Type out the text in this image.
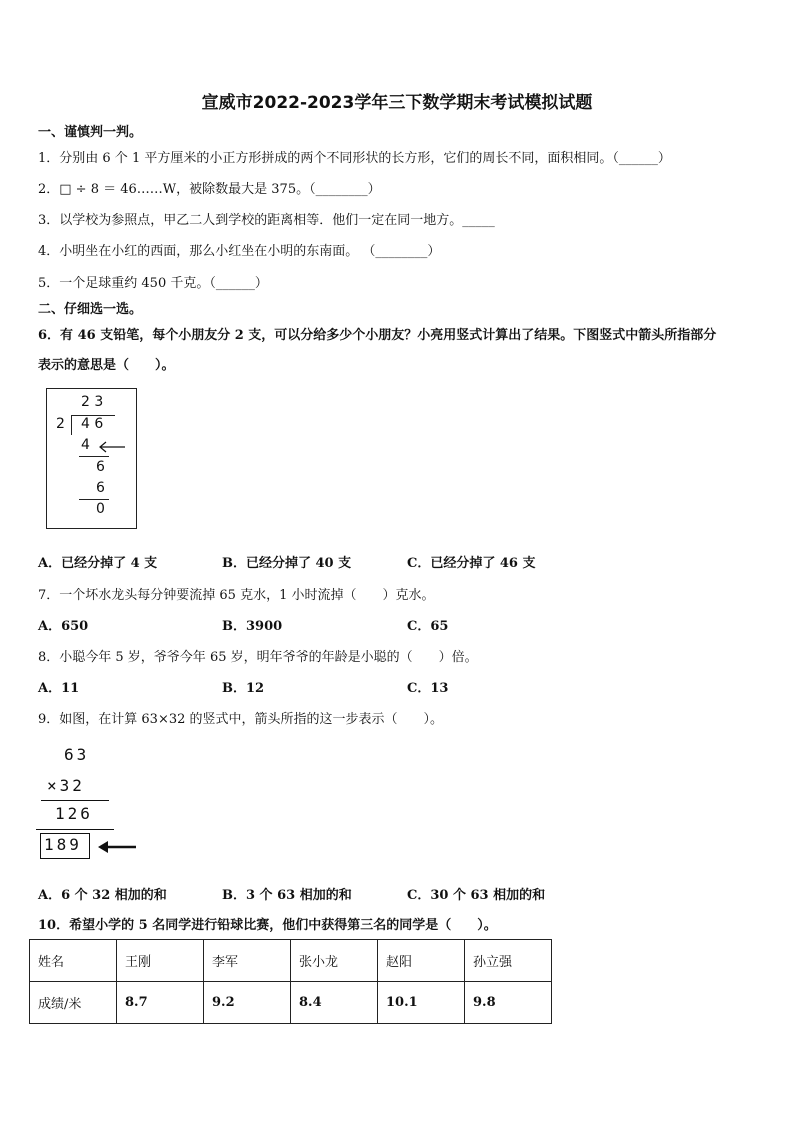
宣威市2022-2023学年三下数学期末考试模拟试题
一、谨慎判一判。
1．分别由 6 个 1 平方厘米的小正方形拼成的两个不同形状的长方形，它们的周长不同，面积相同。（______）
2．□ ÷ 8 ＝ 46……W，被除数最大是 375。（________）
3．以学校为参照点，甲乙二人到学校的距离相等．他们一定在同一地方。_____
4．小明坐在小红的西面，那么小红坐在小明的东南面。 （________）
5．一个足球重约 450 千克。（______）
二、仔细选一选。
6．有 46 支铅笔，每个小朋友分 2 支，可以分给多少个小朋友？小亮用竖式计算出了结果。下图竖式中箭头所指部分
表示的意思是（　　）。
2 3
2 4 6
4
6
6
0
A．已经分掉了 4 支	B．已经分掉了 40 支	C．已经分掉了 46 支
7．一个坏水龙头每分钟要流掉 65 克水，1 小时流掉（　　）克水。
A．650	B．3900	C．65
8．小聪今年 5 岁，爷爷今年 65 岁，明年爷爷的年龄是小聪的（　　）倍。
A．11	B．12	C．13
9．如图，在计算 63×32 的竖式中，箭头所指的这一步表示（　　）。
63
×32
126
189
A．6 个 32 相加的和	B．3 个 63 相加的和	C．30 个 63 相加的和
10．希望小学的 5 名同学进行铅球比赛，他们中获得第三名的同学是（　　）。
姓名	王刚	李军	张小龙	赵阳	孙立强
成绩/米	8.7	9.2	8.4	10.1	9.8
